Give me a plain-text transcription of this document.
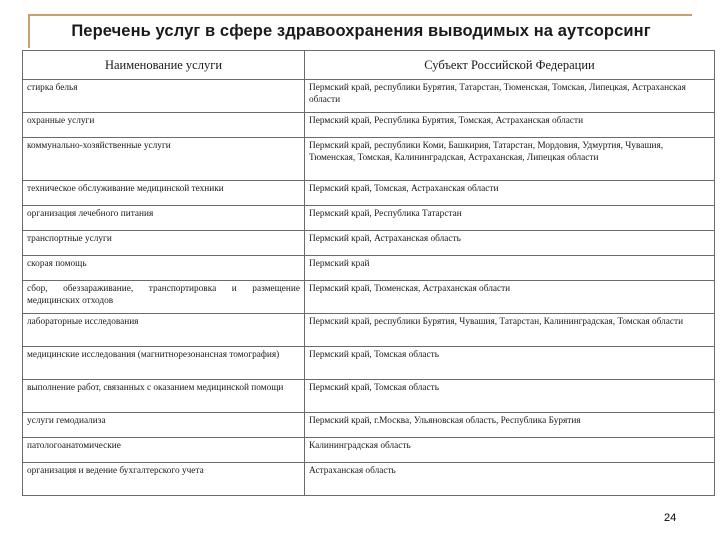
Перечень услуг в сфере здравоохранения выводимых на аутсорсинг
Наименование услуги	Субъект Российской Федерации
стирка белья	Пермский край, республики Бурятия, Татарстан, Тюменская, Томская, Липецкая, Астраханская области
охранные услуги	Пермский край, Республика Бурятия, Томская, Астраханская области
коммунально-хозяйственные услуги	Пермский край, республики Коми, Башкирия, Татарстан, Мордовия, Удмуртия, Чувашия, Тюменская, Томская, Калининградская, Астраханская, Липецкая области
техническое обслуживание медицинской техники	Пермский край, Томская, Астраханская области
организация лечебного питания	Пермский край, Республика Татарстан
транспортные услуги	Пермский край, Астраханская область
скорая помощь	Пермский край
сбор, обеззараживание, транспортировка и размещение медицинских отходов	Пермский край, Тюменская, Астраханская области
лабораторные исследования	Пермский край, республики Бурятия, Чувашия, Татарстан, Калининградская, Томская области
медицинские исследования (магнитнорезонансная томография)	Пермский край, Томская область
выполнение работ, связанных с оказанием медицинской помощи	Пермский край, Томская область
услуги гемодиализа	Пермский край, г.Москва, Ульяновская область, Республика Бурятия
патологоанатомические	Калининградская область
организация и ведение бухгалтерского учета	Астраханская область
24
